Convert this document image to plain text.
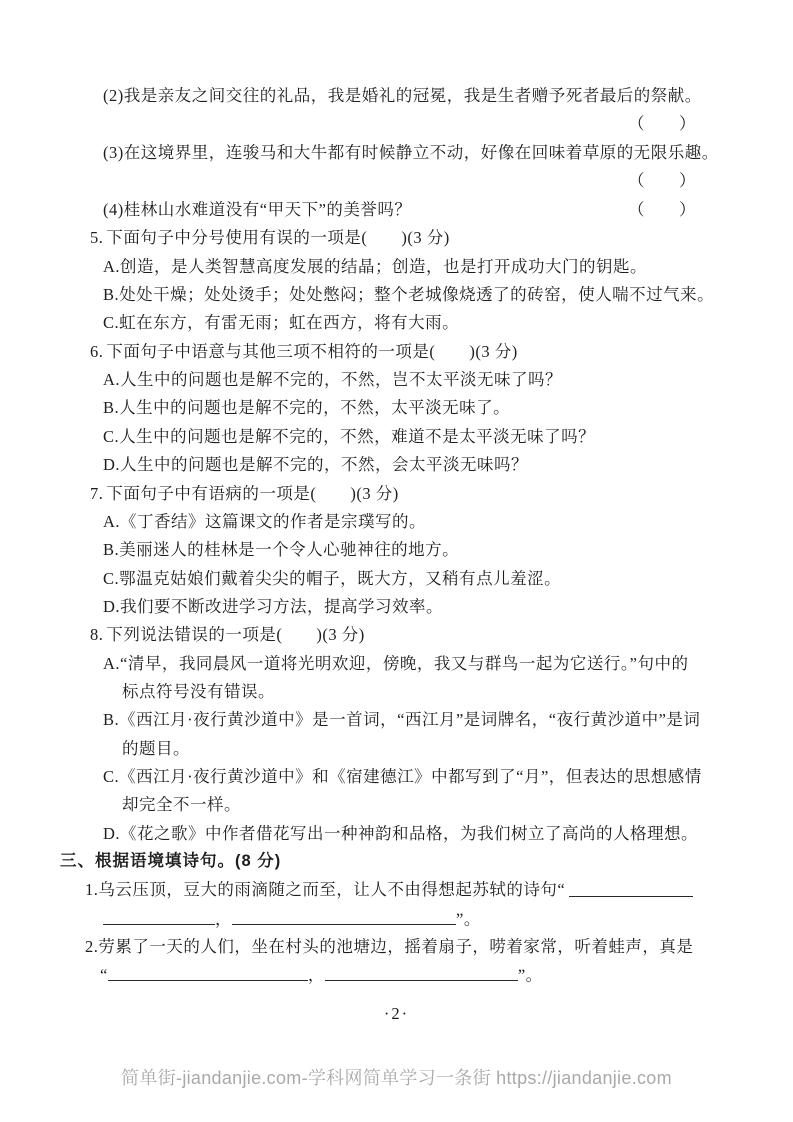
(2)我是亲友之间交往的礼品，我是婚礼的冠冕，我是生者赠予死者最后的祭献。
（　　）
(3)在这境界里，连骏马和大牛都有时候静立不动，好像在回味着草原的无限乐趣。
（　　）
(4)桂林山水难道没有“甲天下”的美誉吗？	（　　）
5. 下面句子中分号使用有误的一项是(　　)(3 分)
A.创造，是人类智慧高度发展的结晶；创造，也是打开成功大门的钥匙。
B.处处干燥；处处烫手；处处憋闷；整个老城像烧透了的砖窑，使人喘不过气来。
C.虹在东方，有雷无雨；虹在西方，将有大雨。
6. 下面句子中语意与其他三项不相符的一项是(　　)(3 分)
A.人生中的问题也是解不完的，不然，岂不太平淡无味了吗？
B.人生中的问题也是解不完的，不然，太平淡无味了。
C.人生中的问题也是解不完的，不然，难道不是太平淡无味了吗？
D.人生中的问题也是解不完的，不然，会太平淡无味吗？
7. 下面句子中有语病的一项是(　　)(3 分)
A.《丁香结》这篇课文的作者是宗璞写的。
B.美丽迷人的桂林是一个令人心驰神往的地方。
C.鄂温克姑娘们戴着尖尖的帽子，既大方，又稍有点儿羞涩。
D.我们要不断改进学习方法，提高学习效率。
8. 下列说法错误的一项是(　　)(3 分)
A.“清早，我同晨风一道将光明欢迎，傍晚，我又与群鸟一起为它送行。”句中的
标点符号没有错误。
B.《西江月·夜行黄沙道中》是一首词，“西江月”是词牌名，“夜行黄沙道中”是词
的题目。
C.《西江月·夜行黄沙道中》和《宿建德江》中都写到了“月”，但表达的思想感情
却完全不一样。
D.《花之歌》中作者借花写出一种神韵和品格，为我们树立了高尚的人格理想。
三、根据语境填诗句。(8 分)
1.乌云压顶，豆大的雨滴随之而至，让人不由得想起苏轼的诗句“
，	”。
2.劳累了一天的人们，坐在村头的池塘边，摇着扇子，唠着家常，听着蛙声，真是
“	，	”。
·2·
简单街-jiandanjie.com-学科网简单学习一条街 https://jiandanjie.com
